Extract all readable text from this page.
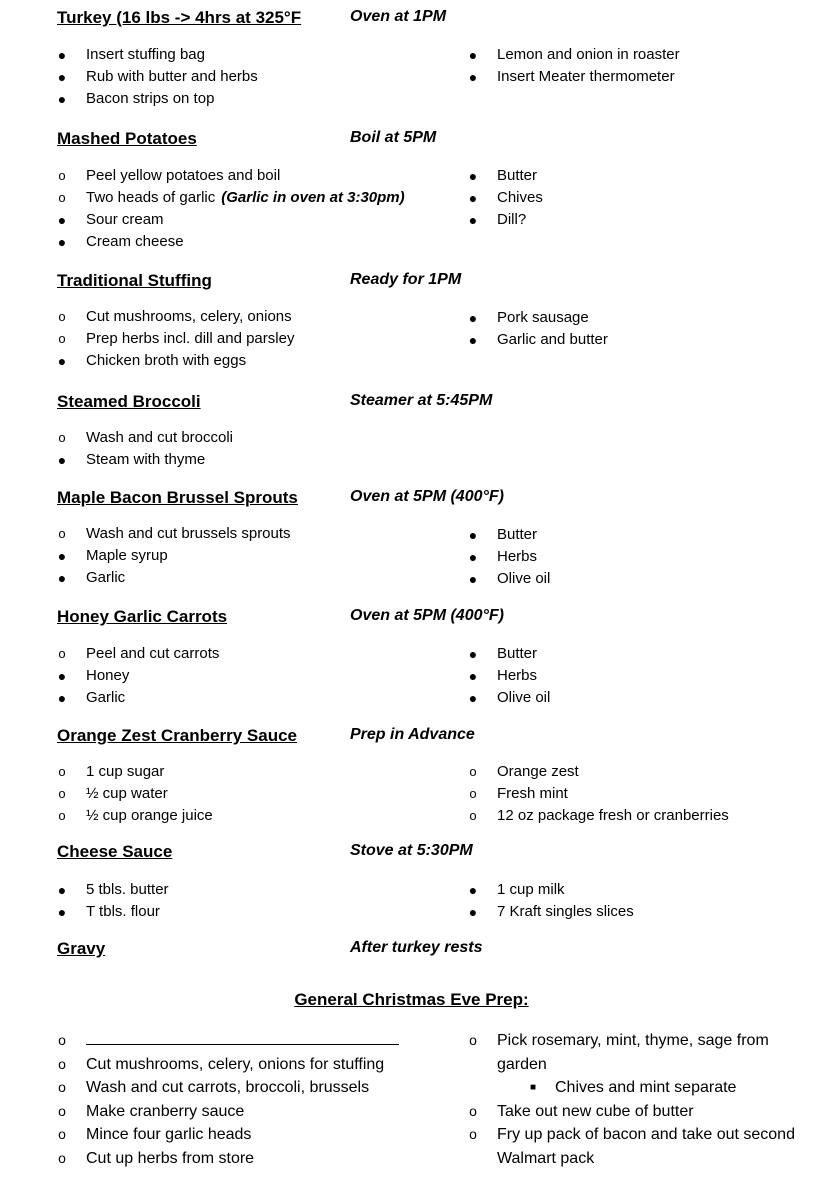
Turkey (16 lbs -> 4hrs at 325°F	Oven at 1PM
● Insert stuffing bag
● Rub with butter and herbs
● Bacon strips on top
● Lemon and onion in roaster
● Insert Meater thermometer
Mashed Potatoes	Boil at 5PM
o Peel yellow potatoes and boil
o Two heads of garlic (Garlic in oven at 3:30pm)
● Sour cream
● Cream cheese
● Butter
● Chives
● Dill?
Traditional Stuffing	Ready for 1PM
o Cut mushrooms, celery, onions
o Prep herbs incl. dill and parsley
● Chicken broth with eggs
● Pork sausage
● Garlic and butter
Steamed Broccoli	Steamer at 5:45PM
o Wash and cut broccoli
● Steam with thyme
Maple Bacon Brussel Sprouts	Oven at 5PM (400°F)
o Wash and cut brussels sprouts
● Maple syrup
● Garlic
● Butter
● Herbs
● Olive oil
Honey Garlic Carrots	Oven at 5PM (400°F)
o Peel and cut carrots
● Honey
● Garlic
● Butter
● Herbs
● Olive oil
Orange Zest Cranberry Sauce	Prep in Advance
o 1 cup sugar
o ½ cup water
o ½ cup orange juice
o Orange zest
o Fresh mint
o 12 oz package fresh or cranberries
Cheese Sauce	Stove at 5:30PM
● 5 tbls. butter
● T tbls. flour
● 1 cup milk
● 7 Kraft singles slices
Gravy	After turkey rests
General Christmas Eve Prep:
o
o Cut mushrooms, celery, onions for stuffing
o Wash and cut carrots, broccoli, brussels
o Make cranberry sauce
o Mince four garlic heads
o Cut up herbs from store
o Pick rosemary, mint, thyme, sage from
garden
■ Chives and mint separate
o Take out new cube of butter
o Fry up pack of bacon and take out second
Walmart pack
